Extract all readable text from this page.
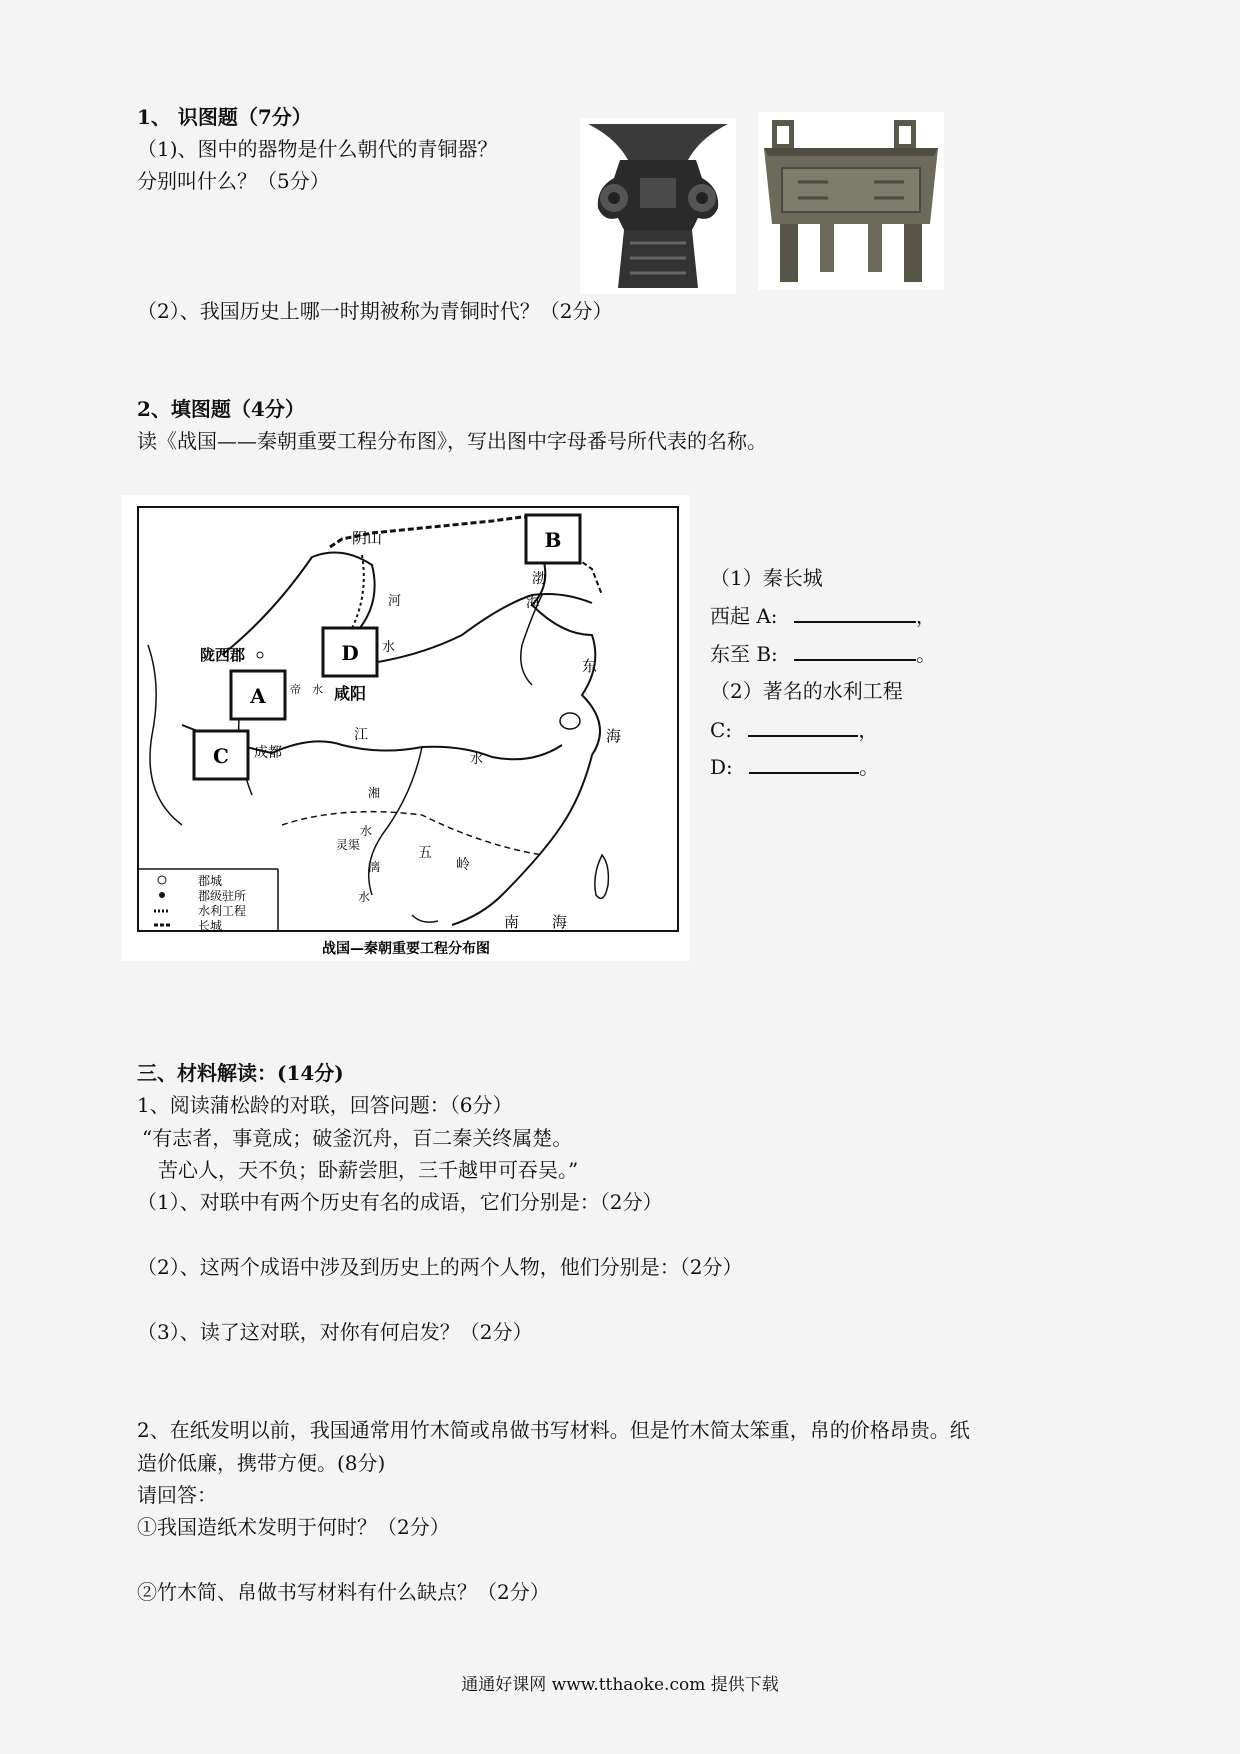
1、 识图题（7分）
（1)、图中的器物是什么朝代的青铜器？
分别叫什么？（5分）
（2）、我国历史上哪一时期被称为青铜时代？（2分）
2、填图题（4分）
读《战国——秦朝重要工程分布图》，写出图中字母番号所代表的名称。
B
D
A
C
阴山
陇西郡
咸阳
成都
东
海
渤
海
南 海
江
水
河
水
五
岭
灵渠
湘
水
漓
水
帝 水
郡城
郡级驻所
水利工程
长城
战国—秦朝重要工程分布图
（1）秦长城
西起 A:	，
东至 B:	。
（2）著名的水利工程
C:	，
D:	。
三、材料解读：(14分)
1、阅读蒲松龄的对联，回答问题：（6分）
“有志者，事竟成；破釜沉舟，百二秦关终属楚。
苦心人，天不负；卧薪尝胆，三千越甲可吞吴。”
（1）、对联中有两个历史有名的成语，它们分别是：（2分）
（2）、这两个成语中涉及到历史上的两个人物，他们分别是：（2分）
（3）、读了这对联，对你有何启发？（2分）
2、在纸发明以前，我国通常用竹木简或帛做书写材料。但是竹木简太笨重，帛的价格昂贵。纸
造价低廉，携带方便。(8分)
请回答：
①我国造纸术发明于何时？（2分）
②竹木简、帛做书写材料有什么缺点？（2分）
通通好课网 www.tthaoke.com 提供下载
